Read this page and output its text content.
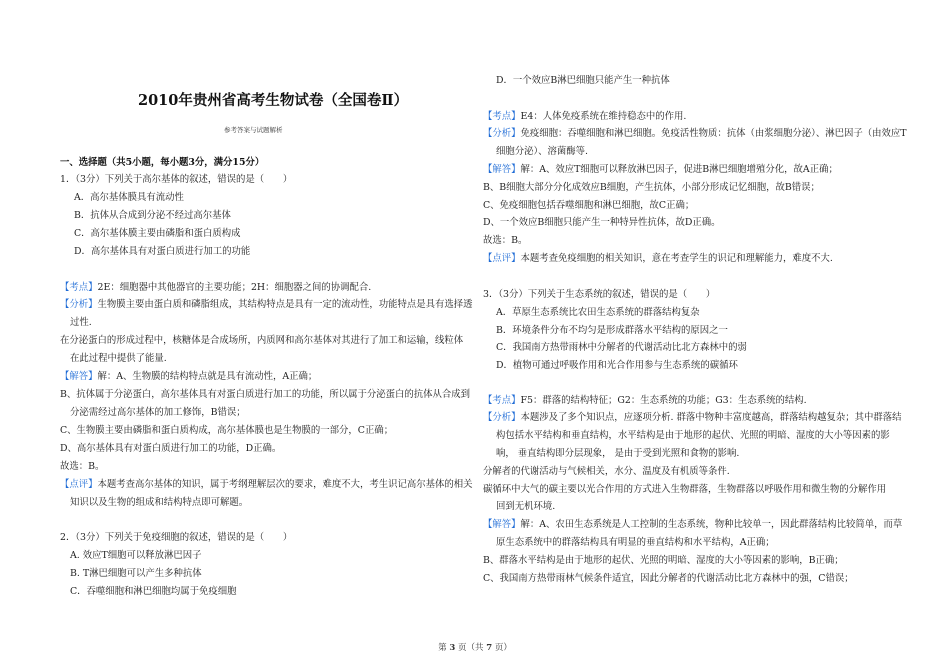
2010年贵州省高考生物试卷（全国卷Ⅱ）
参考答案与试题解析
一、选择题（共5小题，每小题3分，满分15分）
1．（3分）下列关于高尔基体的叙述，错误的是（　　）
A．高尔基体膜具有流动性
B．抗体从合成到分泌不经过高尔基体
C．高尔基体膜主要由磷脂和蛋白质构成
D．高尔基体具有对蛋白质进行加工的功能
【考点】2E：细胞器中其他器官的主要功能；2H：细胞器之间的协调配合.
【分析】生物膜主要由蛋白质和磷脂组成，其结构特点是具有一定的流动性，功能特点是具有选择透
过性.
在分泌蛋白的形成过程中，核糖体是合成场所，内质网和高尔基体对其进行了加工和运输，线粒体
在此过程中提供了能量.
【解答】解：A、生物膜的结构特点就是具有流动性，A正确；
B、抗体属于分泌蛋白，高尔基体具有对蛋白质进行加工的功能，所以属于分泌蛋白的抗体从合成到
分泌需经过高尔基体的加工修饰，B错误；
C、生物膜主要由磷脂和蛋白质构成，高尔基体膜也是生物膜的一部分，C正确；
D、高尔基体具有对蛋白质进行加工的功能，D正确。
故选：B。
【点评】本题考查高尔基体的知识，属于考纲理解层次的要求，难度不大，考生识记高尔基体的相关
知识以及生物的组成和结构特点即可解题。
2．（3分）下列关于免疫细胞的叙述，错误的是（　　）
A. 效应T细胞可以释放淋巴因子
B. T淋巴细胞可以产生多种抗体
C．吞噬细胞和淋巴细胞均属于免疫细胞
D．一个效应B淋巴细胞只能产生一种抗体
【考点】E4：人体免疫系统在维持稳态中的作用.
【分析】免疫细胞：吞噬细胞和淋巴细胞。免疫活性物质：抗体（由浆细胞分泌）、淋巴因子（由效应T
细胞分泌）、溶菌酶等.
【解答】解：A、效应T细胞可以释放淋巴因子，促进B淋巴细胞增殖分化，故A正确；
B、B细胞大部分分化成效应B细胞，产生抗体，小部分形成记忆细胞，故B错误；
C、免疫细胞包括吞噬细胞和淋巴细胞，故C正确；
D、一个效应B细胞只能产生一种特异性抗体，故D正确。
故选：B。
【点评】本题考查免疫细胞的相关知识，意在考查学生的识记和理解能力，难度不大.
3．（3分）下列关于生态系统的叙述，错误的是（　　）
A．草原生态系统比农田生态系统的群落结构复杂
B．环境条件分布不均匀是形成群落水平结构的原因之一
C．我国南方热带雨林中分解者的代谢活动比北方森林中的弱
D．植物可通过呼吸作用和光合作用参与生态系统的碳循环
【考点】F5：群落的结构特征；G2：生态系统的功能；G3：生态系统的结构.
【分析】本题涉及了多个知识点，应逐项分析. 群落中物种丰富度越高，群落结构越复杂；其中群落结
构包括水平结构和垂直结构，水平结构是由于地形的起伏、光照的明暗、湿度的大小等因素的影
响， 垂直结构即分层现象， 是由于受到光照和食物的影响.
分解者的代谢活动与气候相关，水分、温度及有机质等条件.
碳循环中大气的碳主要以光合作用的方式进入生物群落，生物群落以呼吸作用和微生物的分解作用
回到无机环境.
【解答】解：A、农田生态系统是人工控制的生态系统，物种比较单一，因此群落结构比较简单，而草
原生态系统中的群落结构具有明显的垂直结构和水平结构，A正确；
B、群落水平结构是由于地形的起伏、光照的明暗、湿度的大小等因素的影响，B正确；
C、我国南方热带雨林气候条件适宜，因此分解者的代谢活动比北方森林中的强，C错误；
第 3 页（共 7 页）
